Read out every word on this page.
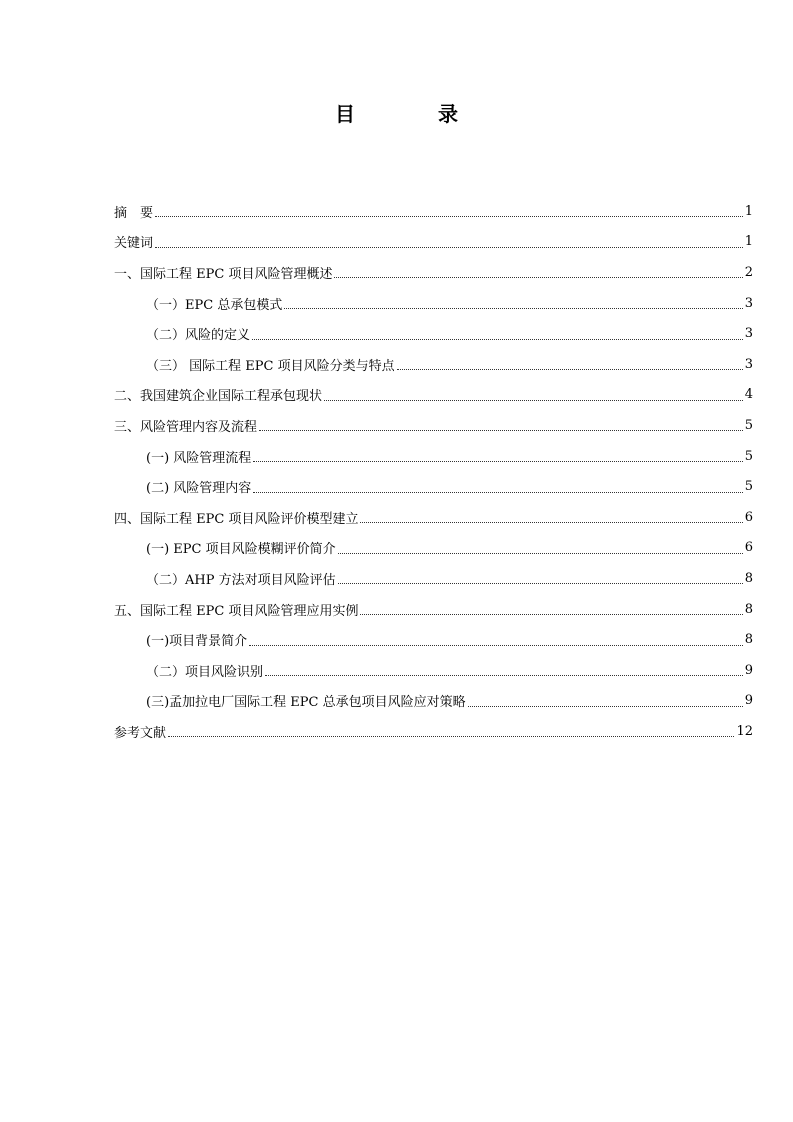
目 录
摘　要	1
关键词	1
一、国际工程 EPC 项目风险管理概述	2
（一）EPC 总承包模式	3
（二）风险的定义	3
（三） 国际工程 EPC 项目风险分类与特点	3
二、我国建筑企业国际工程承包现状	4
三、风险管理内容及流程	5
(一) 风险管理流程	5
(二) 风险管理内容	5
四、国际工程 EPC 项目风险评价模型建立	6
(一) EPC 项目风险模糊评价简介	6
（二）AHP 方法对项目风险评估	8
五、国际工程 EPC 项目风险管理应用实例	8
(一)项目背景简介	8
（二）项目风险识别	9
(三)孟加拉电厂国际工程 EPC 总承包项目风险应对策略	9
参考文献	12
